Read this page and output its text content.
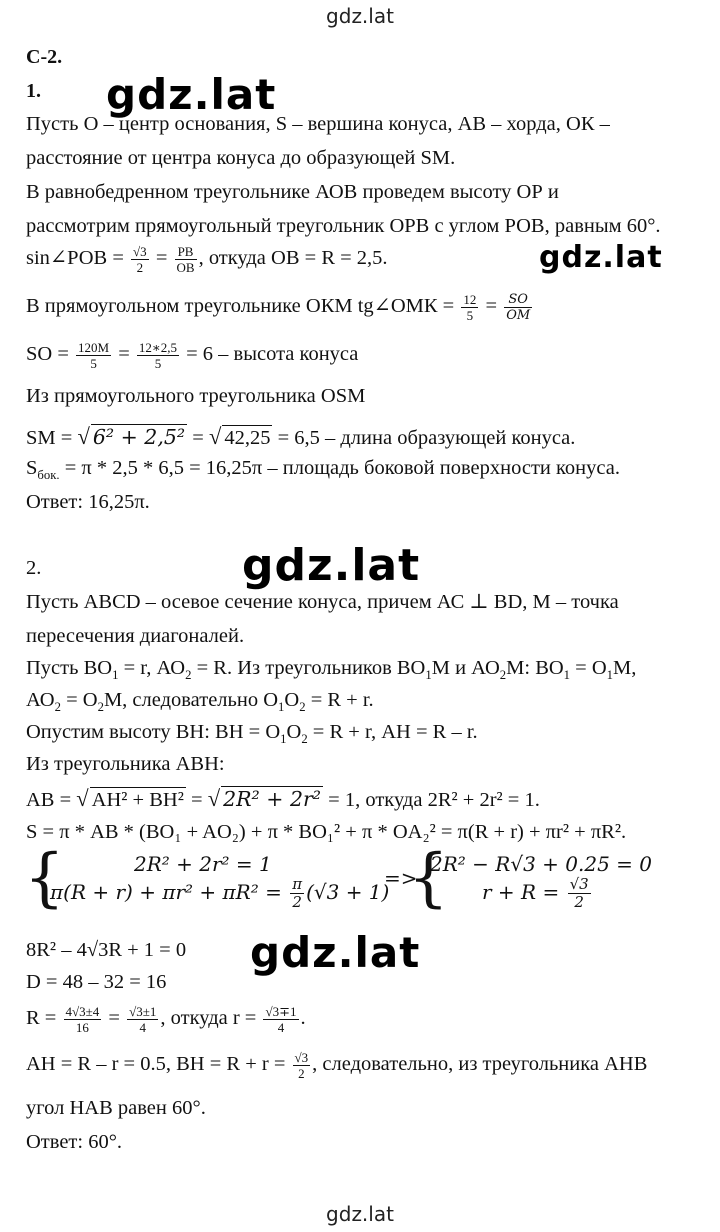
gdz.lat
gdz.lat
gdz.lat
gdz.lat
gdz.lat
gdz.lat
С-2.
1.
Пусть О – центр основания, S – вершина конуса, АВ – хорда, ОК –
расстояние от центра конуса до образующей SM.
В равнобедренном треугольнике АОВ проведем высоту ОР и
рассмотрим прямоугольный треугольник ОРВ с углом РОВ, равным 60°.
sin∠РОВ = $\frac{√3}{2} = \frac{PB}{OB}$ , откуда ОВ = R = 2,5.
В прямоугольном треугольнике ОКМ tg∠ОМК = $\frac{12}{5} = \frac{SO}{OM}$
SO = $\frac{120M}{5} = \frac{12∗2,5}{5} = 6$ – высота конуса
Из прямоугольного треугольника OSM
SM = √ 6² + 2,5² = √ 42,25 = 6,5 – длина образующей конуса.
$S_{бок.} = \pi * 2,5 * 6,5 = 16,25\pi$ – площадь боковой поверхности конуса.
Ответ: 16,25π.
2.
Пусть ABCD – осевое сечение конуса, причем АС ⊥ BD, М – точка
пересечения диагоналей.
Пусть $ВО_1 = r$, $АО_2 = R$. Из треугольников $ВО_1М$ и $АО_2М$: $ВО_1 = О_1М$,
$АО_2 = О_2М$, следовательно $О_1О_2 = R + r$.
Опустим высоту ВН: ВН = $О_1О_2 = R + r$, АН = R – r.
Из треугольника АВН:
AB = √ AH² + BH² = √ 2R² + 2r² = 1, откуда 2R² + 2r² = 1.
S = π * AB * (BO₁ + AO₂) + π * BO₁² + π * OA₂² = π(R + r) + πr² + πR².
{	2R² + 2r² = 1
$\pi(R + r) + \pi r^2 + \pi R^2 = \frac{\pi}{2} (√3 + 1)$
=>
{
2R² − R√3 + 0.25 = 0
$r + R = \frac{√3}{2}$
8R² – 4√3R + 1 = 0
D = 48 – 32 = 16
$R = \frac{4√3\pm 4}{16} = \frac{√3\pm 1}{4}$ , откуда $r = \frac{√3\mp 1}{4}$ .
АН = R – r = 0.5, ВН = $R + r = \frac{√3}{2}$ , следовательно, из треугольника АНВ
угол НАВ равен 60°.
Ответ: 60°.
